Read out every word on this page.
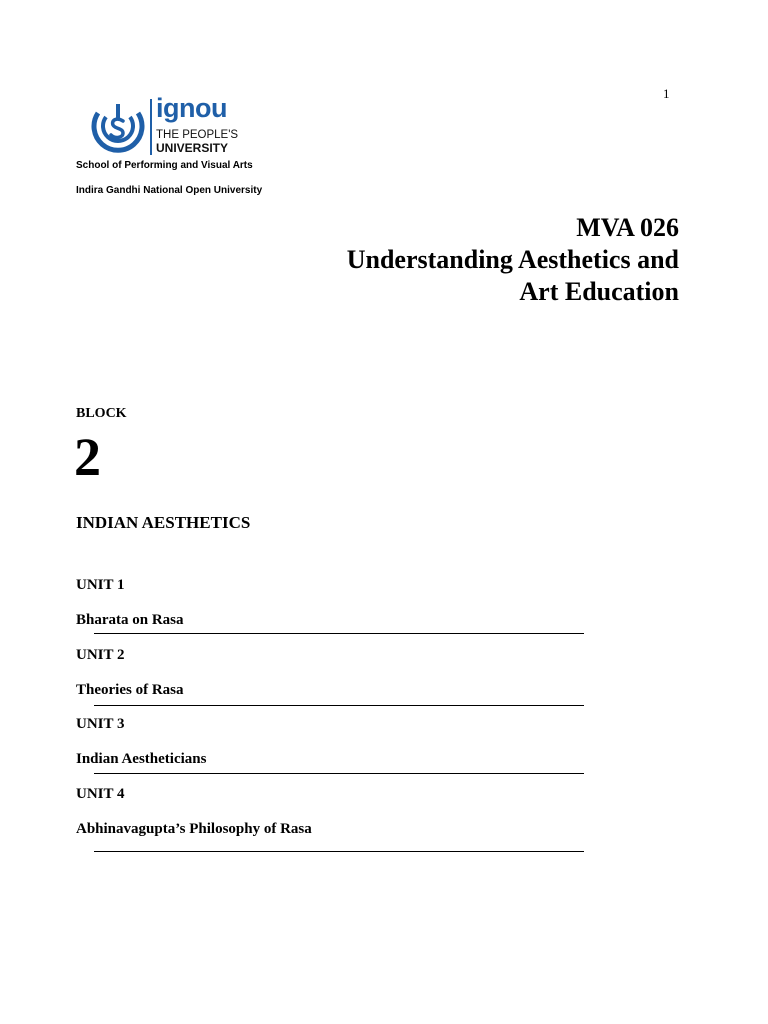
1
ignou
THE PEOPLE'S
UNIVERSITY
School of Performing and Visual Arts
Indira Gandhi National Open University
MVA 026
Understanding Aesthetics and
Art Education
BLOCK
2
INDIAN AESTHETICS
UNIT 1
Bharata on Rasa
UNIT 2
Theories of Rasa
UNIT 3
Indian Aestheticians
UNIT 4
Abhinavagupta’s Philosophy of Rasa
